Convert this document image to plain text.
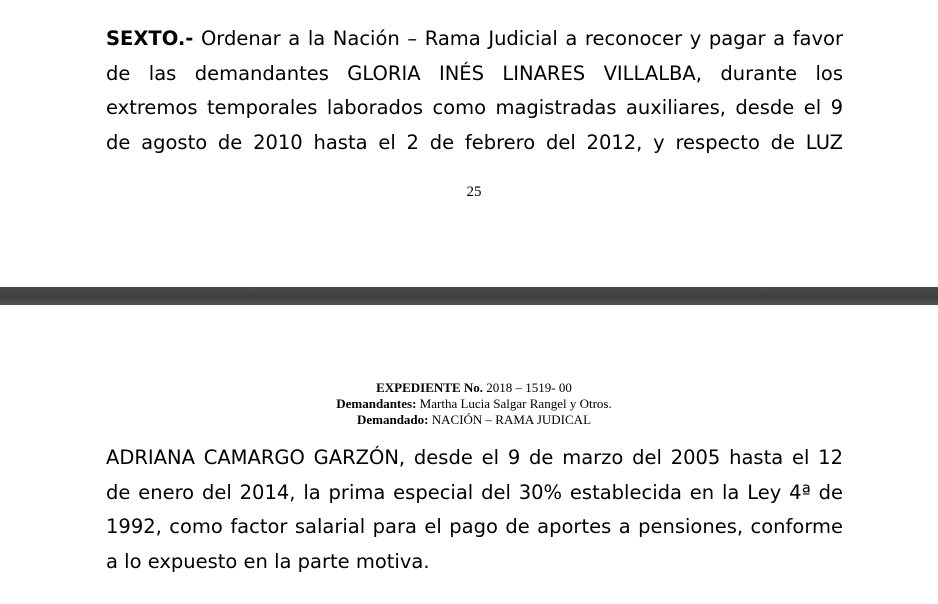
SEXTO.- Ordenar a la Nación – Rama Judicial a reconocer y pagar a favor
de las demandantes GLORIA INÉS LINARES VILLALBA, durante los
extremos temporales laborados como magistradas auxiliares, desde el 9
de agosto de 2010 hasta el 2 de febrero del 2012, y respecto de LUZ
25
EXPEDIENTE No. 2018 – 1519- 00
Demandantes: Martha Lucia Salgar Rangel y Otros.
Demandado: NACIÓN – RAMA JUDICAL
ADRIANA CAMARGO GARZÓN, desde el 9 de marzo del 2005 hasta el 12
de enero del 2014, la prima especial del 30% establecida en la Ley 4ª de
1992, como factor salarial para el pago de aportes a pensiones, conforme
a lo expuesto en la parte motiva.
